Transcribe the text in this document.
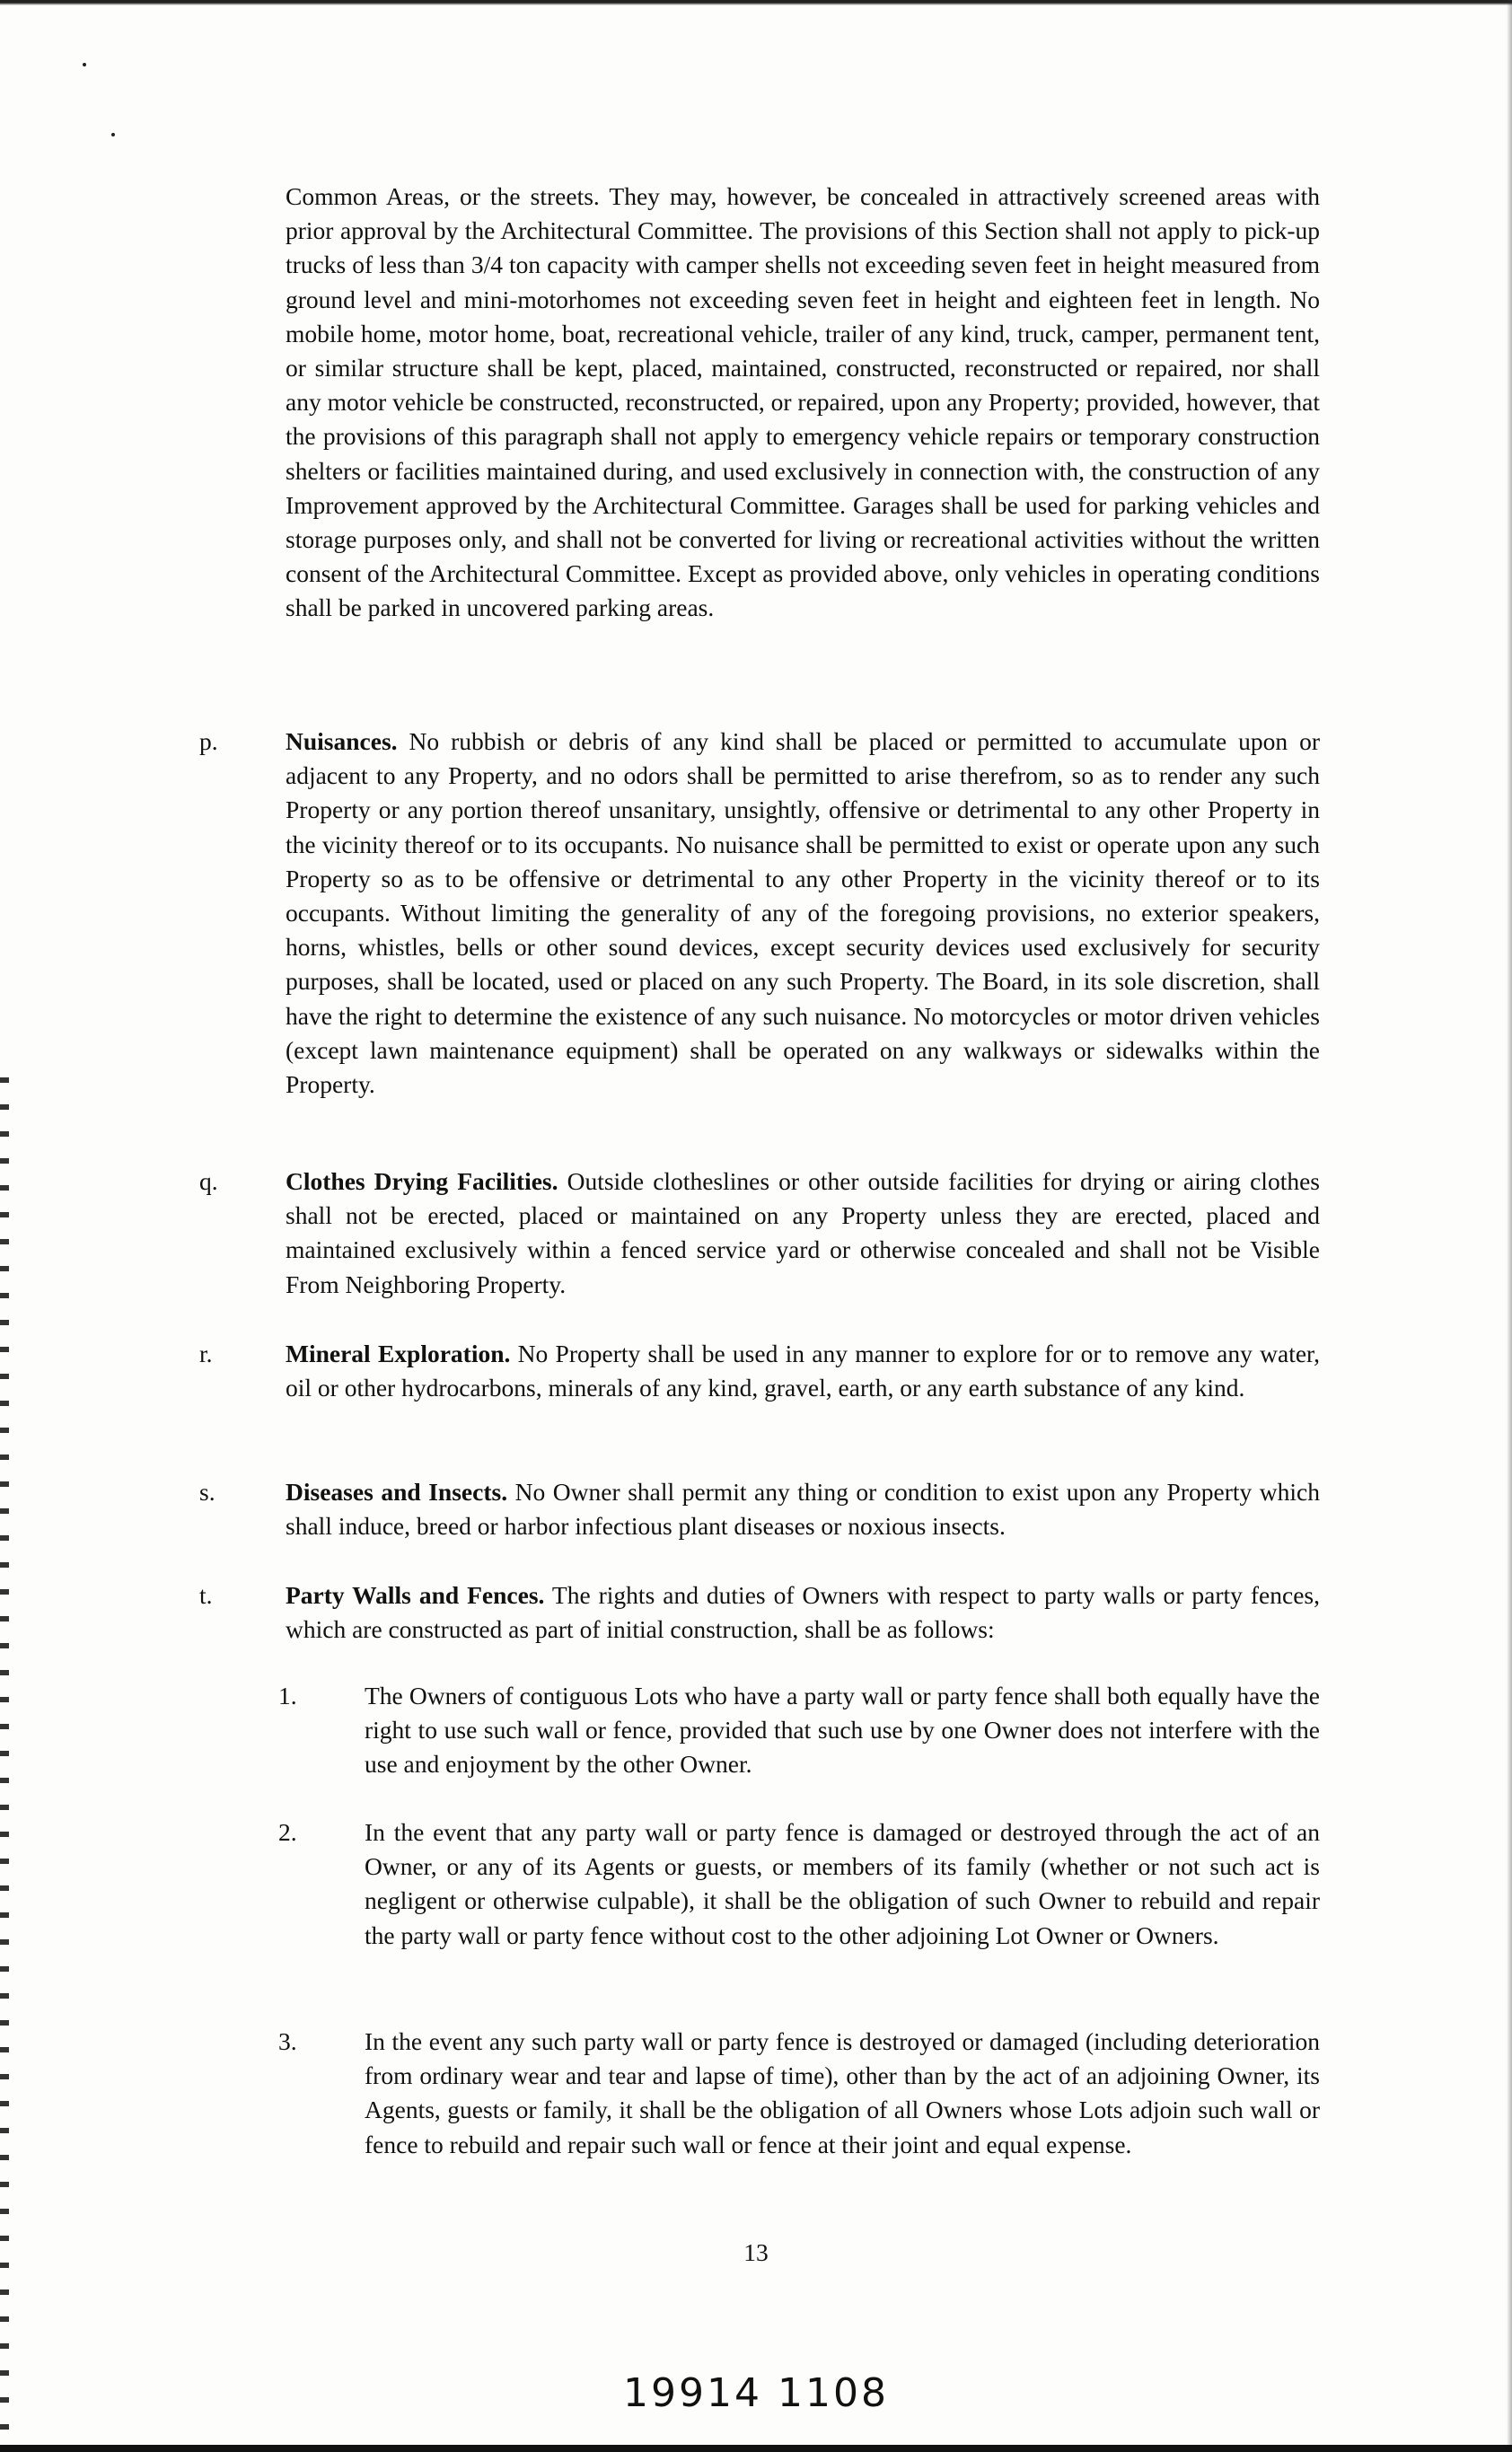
Common Areas, or the streets. They may, however, be concealed in attractively screened areas with prior approval by the Architectural Committee. The provisions of this Section shall not apply to pick-up trucks of less than 3/4 ton capacity with camper shells not exceeding seven feet in height measured from ground level and mini-motorhomes not exceeding seven feet in height and eighteen feet in length. No mobile home, motor home, boat, recreational vehicle, trailer of any kind, truck, camper, permanent tent, or similar structure shall be kept, placed, maintained, constructed, reconstructed or repaired, nor shall any motor vehicle be constructed, reconstructed, or repaired, upon any Property; provided, however, that the provisions of this paragraph shall not apply to emergency vehicle repairs or temporary construction shelters or facilities maintained during, and used exclusively in connection with, the construction of any Improvement approved by the Architectural Committee. Garages shall be used for parking vehicles and storage purposes only, and shall not be converted for living or recreational activities without the written consent of the Architectural Committee. Except as provided above, only vehicles in operating conditions shall be parked in uncovered parking areas.
p.	Nuisances. No rubbish or debris of any kind shall be placed or permitted to accumulate upon or adjacent to any Property, and no odors shall be permitted to arise therefrom, so as to render any such Property or any portion thereof unsanitary, unsightly, offensive or detrimental to any other Property in the vicinity thereof or to its occupants. No nuisance shall be permitted to exist or operate upon any such Property so as to be offensive or detrimental to any other Property in the vicinity thereof or to its occupants. Without limiting the generality of any of the foregoing provisions, no exterior speakers, horns, whistles, bells or other sound devices, except security devices used exclusively for security purposes, shall be located, used or placed on any such Property. The Board, in its sole discretion, shall have the right to determine the existence of any such nuisance. No motorcycles or motor driven vehicles (except lawn maintenance equipment) shall be operated on any walkways or sidewalks within the Property.
q.	Clothes Drying Facilities. Outside clotheslines or other outside facilities for drying or airing clothes shall not be erected, placed or maintained on any Property unless they are erected, placed and maintained exclusively within a fenced service yard or otherwise concealed and shall not be Visible From Neighboring Property.
r.	Mineral Exploration. No Property shall be used in any manner to explore for or to remove any water, oil or other hydrocarbons, minerals of any kind, gravel, earth, or any earth substance of any kind.
s.	Diseases and Insects. No Owner shall permit any thing or condition to exist upon any Property which shall induce, breed or harbor infectious plant diseases or noxious insects.
t.	Party Walls and Fences. The rights and duties of Owners with respect to party walls or party fences, which are constructed as part of initial construction, shall be as follows:
1.	The Owners of contiguous Lots who have a party wall or party fence shall both equally have the right to use such wall or fence, provided that such use by one Owner does not interfere with the use and enjoyment by the other Owner.
2.	In the event that any party wall or party fence is damaged or destroyed through the act of an Owner, or any of its Agents or guests, or members of its family (whether or not such act is negligent or otherwise culpable), it shall be the obligation of such Owner to rebuild and repair the party wall or party fence without cost to the other adjoining Lot Owner or Owners.
3.	In the event any such party wall or party fence is destroyed or damaged (including deterioration from ordinary wear and tear and lapse of time), other than by the act of an adjoining Owner, its Agents, guests or family, it shall be the obligation of all Owners whose Lots adjoin such wall or fence to rebuild and repair such wall or fence at their joint and equal expense.
13
19914 1108
